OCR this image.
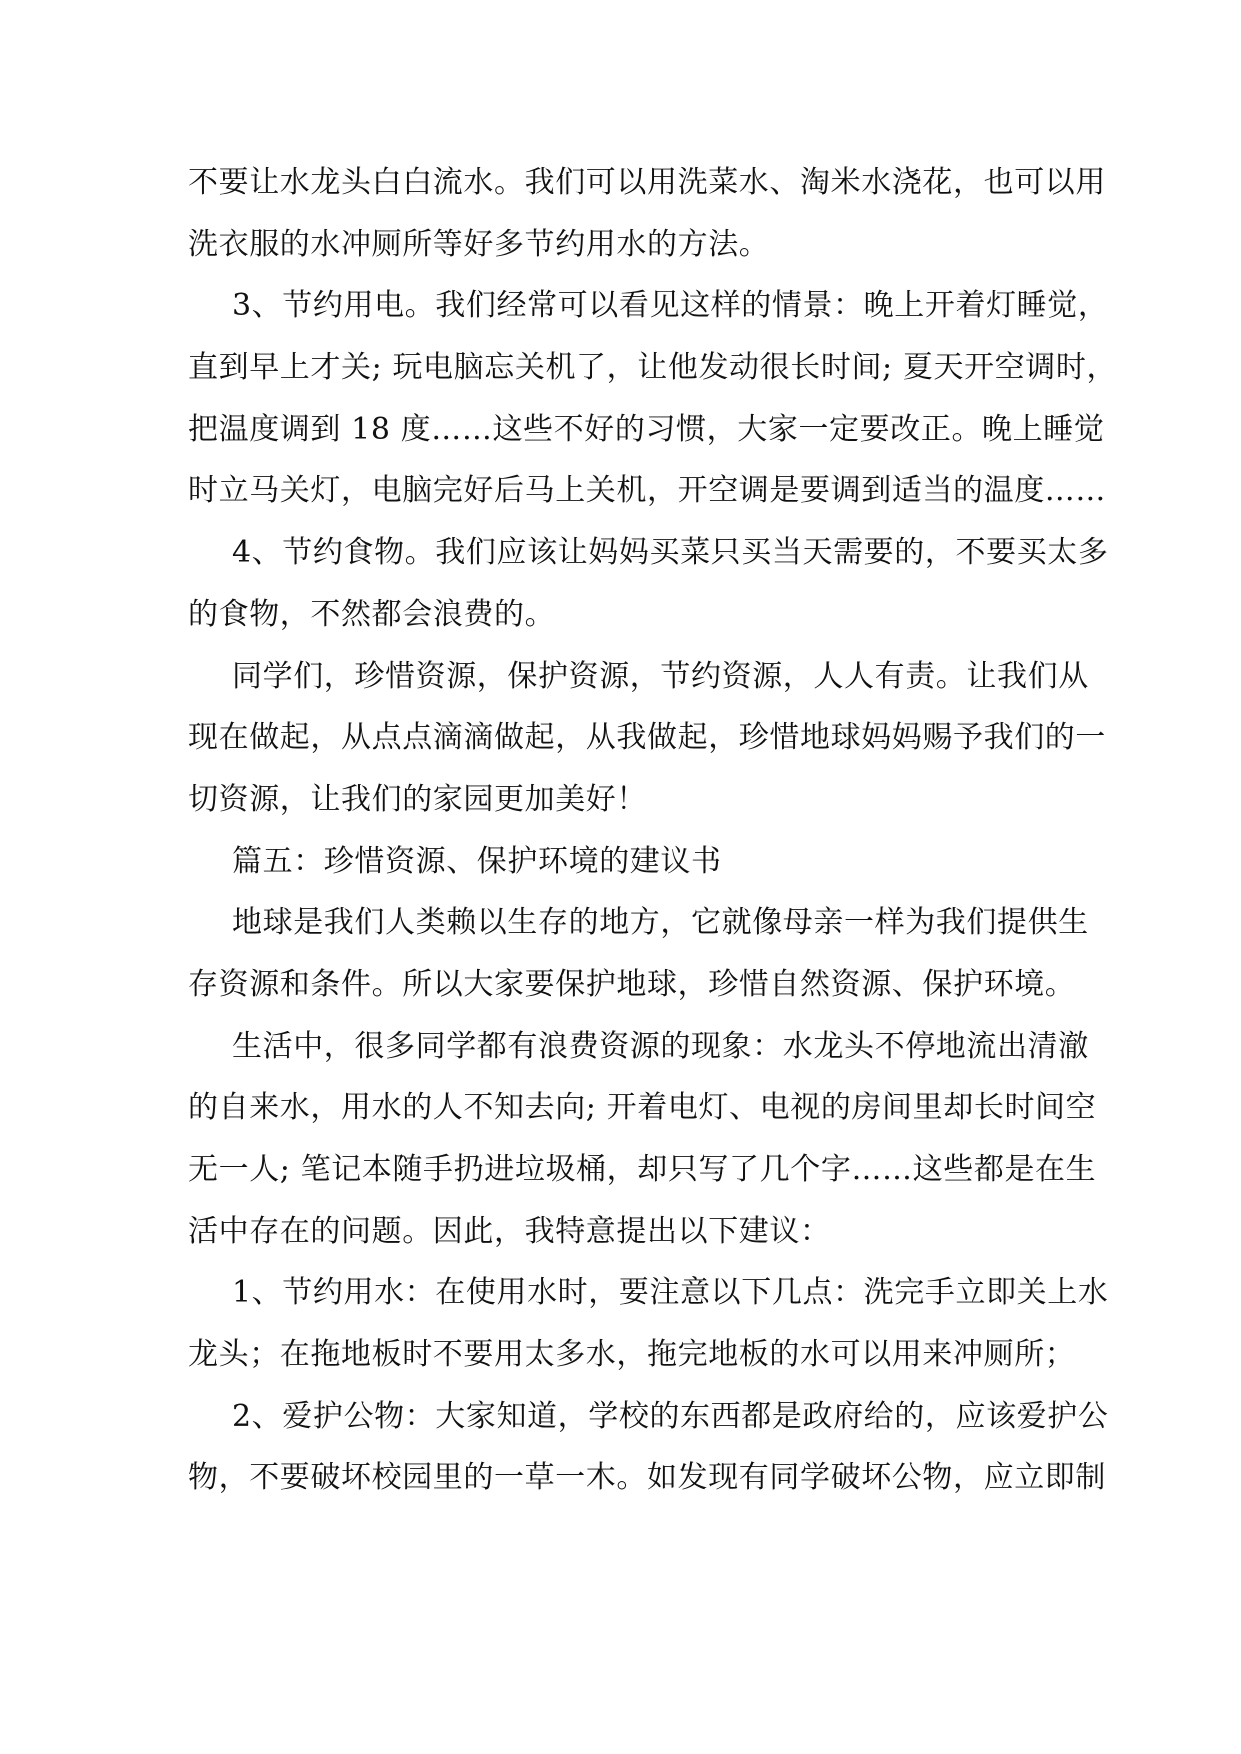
不要让水龙头白白流水。我们可以用洗菜水、淘米水浇花，也可以用
洗衣服的水冲厕所等好多节约用水的方法。
3、节约用电。我们经常可以看见这样的情景：晚上开着灯睡觉，
直到早上才关; 玩电脑忘关机了，让他发动很长时间; 夏天开空调时，
把温度调到 18 度……这些不好的习惯，大家一定要改正。晚上睡觉
时立马关灯，电脑完好后马上关机，开空调是要调到适当的温度……
4、节约食物。我们应该让妈妈买菜只买当天需要的，不要买太多
的食物，不然都会浪费的。
同学们，珍惜资源，保护资源，节约资源，人人有责。让我们从
现在做起，从点点滴滴做起，从我做起，珍惜地球妈妈赐予我们的一
切资源，让我们的家园更加美好！
篇五：珍惜资源、保护环境的建议书
地球是我们人类赖以生存的地方，它就像母亲一样为我们提供生
存资源和条件。所以大家要保护地球，珍惜自然资源、保护环境。
生活中，很多同学都有浪费资源的现象：水龙头不停地流出清澈
的自来水，用水的人不知去向; 开着电灯、电视的房间里却长时间空
无一人; 笔记本随手扔进垃圾桶，却只写了几个字……这些都是在生
活中存在的问题。因此，我特意提出以下建议：
1、节约用水：在使用水时，要注意以下几点：洗完手立即关上水
龙头；在拖地板时不要用太多水，拖完地板的水可以用来冲厕所；
2、爱护公物：大家知道，学校的东西都是政府给的，应该爱护公
物，不要破坏校园里的一草一木。如发现有同学破坏公物，应立即制
